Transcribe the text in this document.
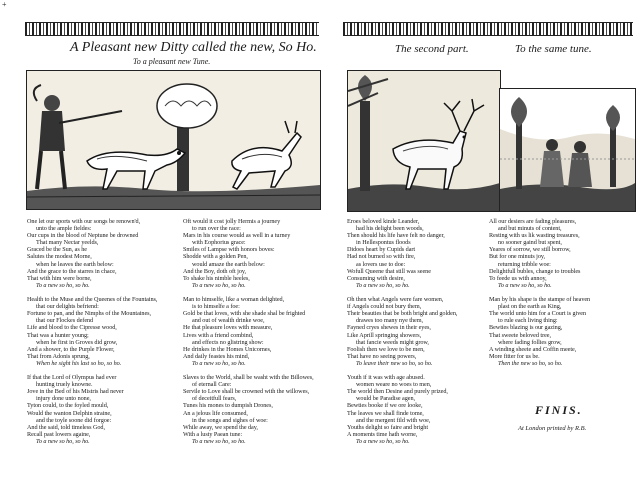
+
A Pleasant new Ditty called the new, So Ho.
To a pleasant new Tune.
One let our sports with our songs be renown'd,
unto the ample fieldes:
Our cups in the blood of Neptune be drowned
That many Nectar yeelds,
Graced be the Sun, as he
Salutes the modest Morne,
when he leaves the earth below:
And the grace to the starres in chace,
That with him were borne,
To a new so ho, so ho.

Health to the Muse and the Queenes of the Fountains,
that our delights befriend:
Fortune to pan, and the Nimphs of the Mountaines,
that our Flockes defend
Life and blood to the Cipresse wood,
That was a hunter young;
when he first in Groves did grow,
And a shower, to the Purple Flower,
That from Adonis sprung,
When he sight his last so ho, so ho.

If that the Lord of Olympus had ever
hunting truely knowne.
Jove in the Bed of his Mistris had never
injury done unto none,
Tyton could, to the foyled mould,
Would the wanton Delphin straine,
and the toyle soone did forgoe:
And the said, told timeless God,
Recall past lowers againe,
To a new so ho, so ho.
Oft would it cost jolly Hermis a journey
to run over the race:
Mars in his course would as well in a turney
with Eophorius grace:
Smiles of Lampse with honors boves:
Shodde with a golden Pen,
would amaze the earth below:
And the Boy, doth oft joy,
To shake his nimble heeles,
To a new so ho, so ho.

Man to himselfe, like a woman delighted,
is to himselfe a foe:
Gold be that loves, with she shade shal be frighted
and out of wealth drinke woe,
He that pleasure loves with measure,
Lives with a friend combind,
and effects no glistring show:
He drinkes in the Homes Unicornes,
And daily feastes his mind,
To a new so ho, so ho.

Slaves to the World, shall be washt with the Billowes,
of eternall Care:
Servile to Love shall be crowned with the willowes,
of deceitfull fears,
Tunes his mones to dumpish Drones,
An a jelous life consumed,
in the songs and sighes of woe:
While away, we spend the day,
With a lusty Paean tune:
To a new so ho, so ho.
The second part.	To the same tune.
Eroes beloved kinde Leander,
had his delight been woods,
Then should his life have felt no danger,
in Hellespontus floods
Didoes heart by Cupids dart
Had not burned so with fire,
as lovers use to doe:
Wofull Queene that still was seene
Consuming with desire,
To a new so ho, so ho.

Oh then what Angels were fare women,
if Angels could not bury them,
Their beauties that be both bright and golden,
drawes too many nye them,
Fayned cryes shewes in their eyes,
Like Aprill springing showers,
that fancie weeds might grow,
Foolish then we love to be men,
That have no seeing powers,
To leave their new so ho, so ho.

Youth if it was with age abused.
women weare no woes to men,
The world then Desine and purely prized,
would be Paradise agen,
Bewties booke if we ore looke,
The leaves we shall finde tome,
and the mergent fild with woe,
Youths delight so faire and bright
A moments time hath worne,
To a new so ho, so ho.
All our desiers are fading pleasures,
and but minuts of content,
Resting with us lik wasting treasures,
no sooner gaind but spent,
Yeares of sorrow, we still borrow,
But for one minuts joy,
returning tribble woe:
Delightfull bubles, change to troubles
To feede us with annoy,
To a new so ho, so ho.

Man by his shape is the stampe of heaven
plast on the earth as King,
The world unto him for a Court is given
to rule each living thing:
Bewties blazing is our gazing,
That sweete beloved tree,
where fading follies grow,
A winding sheete and Coffin meete,
More fitter for us be.
Then the new so ho, so ho.
FINIS.
At London printed by R.B.
